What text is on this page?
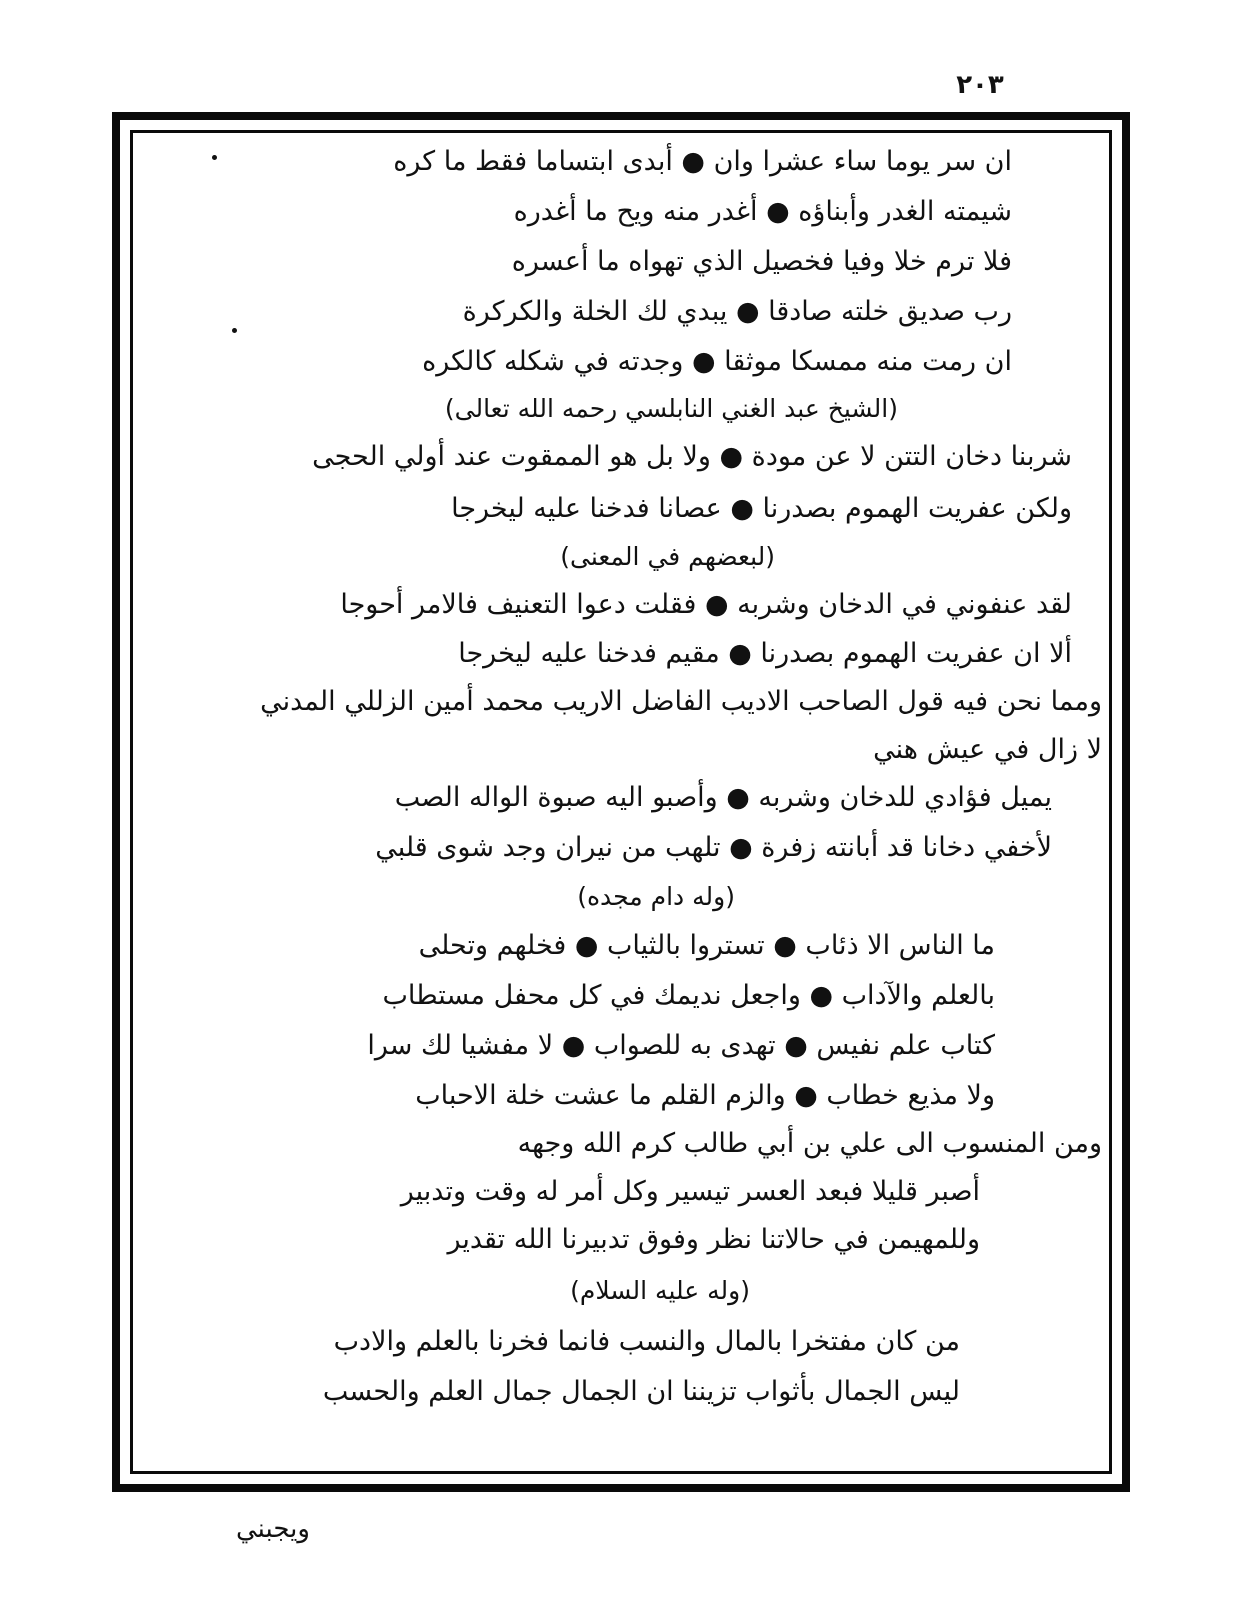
٢٠٣
ان سر يوما ساء عشرا وان ● أبدى ابتساما فقط ما كره
شيمته الغدر وأبناؤه ● أغدر منه ويح ما أغدره
فلا ترم خلا وفيا فخصيل الذي تهواه ما أعسره
رب صديق خلته صادقا ● يبدي لك الخلة والكركرة
ان رمت منه ممسكا موثقا ● وجدته في شكله كالكره
(الشيخ عبد الغني النابلسي رحمه الله تعالى)
شربنا دخان التتن لا عن مودة ● ولا بل هو الممقوت عند أولي الحجى
ولكن عفريت الهموم بصدرنا ● عصانا فدخنا عليه ليخرجا
(لبعضهم في المعنى)
لقد عنفوني في الدخان وشربه ● فقلت دعوا التعنيف فالامر أحوجا
ألا ان عفريت الهموم بصدرنا ● مقيم فدخنا عليه ليخرجا
ومما نحن فيه قول الصاحب الاديب الفاضل الاريب محمد أمين الزللي المدني
لا زال في عيش هني
يميل فؤادي للدخان وشربه ● وأصبو اليه صبوة الواله الصب
لأخفي دخانا قد أبانته زفرة ● تلهب من نيران وجد شوى قلبي
(وله دام مجده)
ما الناس الا ذئاب ● تستروا بالثياب ● فخلهم وتحلى
بالعلم والآداب ● واجعل نديمك في كل محفل مستطاب
كتاب علم نفيس ● تهدى به للصواب ● لا مفشيا لك سرا
ولا مذيع خطاب ● والزم القلم ما عشت خلة الاحباب
ومن المنسوب الى علي بن أبي طالب كرم الله وجهه
أصبر قليلا فبعد العسر تيسير وكل أمر له وقت وتدبير
وللمهيمن في حالاتنا نظر وفوق تدبيرنا الله تقدير
(وله عليه السلام)
من كان مفتخرا بالمال والنسب فانما فخرنا بالعلم والادب
ليس الجمال بأثواب تزيننا ان الجمال جمال العلم والحسب
ويجبني
